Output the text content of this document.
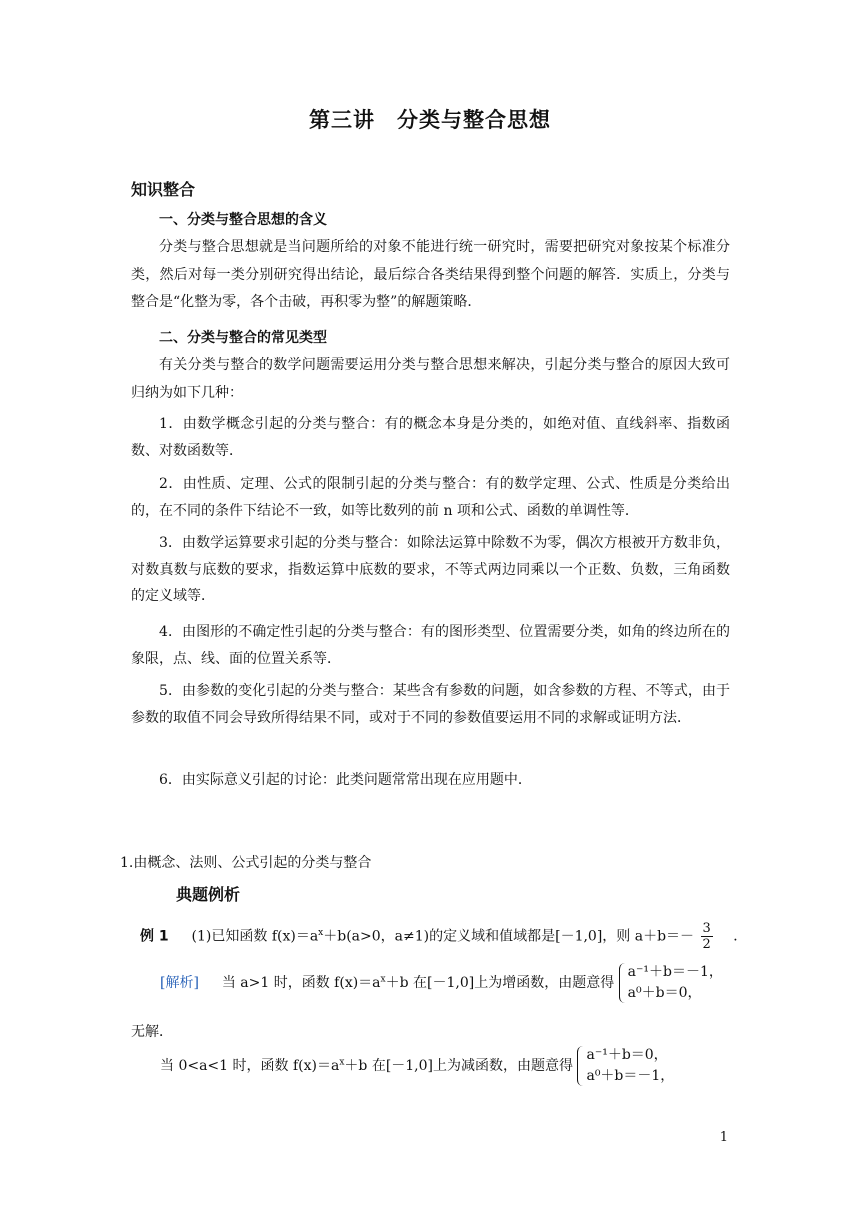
第三讲　分类与整合思想
知识整合
一、分类与整合思想的含义
分类与整合思想就是当问题所给的对象不能进行统一研究时，需要把研究对象按某个标准分类，然后对每一类分别研究得出结论，最后综合各类结果得到整个问题的解答．实质上，分类与整合是“化整为零，各个击破，再积零为整”的解题策略．
二、分类与整合的常见类型
有关分类与整合的数学问题需要运用分类与整合思想来解决，引起分类与整合的原因大致可归纳为如下几种：
1．由数学概念引起的分类与整合：有的概念本身是分类的，如绝对值、直线斜率、指数函数、对数函数等．
2．由性质、定理、公式的限制引起的分类与整合：有的数学定理、公式、性质是分类给出的，在不同的条件下结论不一致，如等比数列的前 n 项和公式、函数的单调性等．
3．由数学运算要求引起的分类与整合：如除法运算中除数不为零，偶次方根被开方数非负，对数真数与底数的要求，指数运算中底数的要求，不等式两边同乘以一个正数、负数，三角函数的定义域等．
4．由图形的不确定性引起的分类与整合：有的图形类型、位置需要分类，如角的终边所在的象限，点、线、面的位置关系等．
5．由参数的变化引起的分类与整合：某些含有参数的问题，如含参数的方程、不等式，由于参数的取值不同会导致所得结果不同，或对于不同的参数值要运用不同的求解或证明方法．
6．由实际意义引起的讨论：此类问题常常出现在应用题中．
1.由概念、法则、公式引起的分类与整合
典题例析
例 1 (1)已知函数 $f(x)=a^x+b(a>0$，a≠1)的定义域和值域都是[－1,0]，则 $a+b=- \frac{3}{2}$ ．
[解析] 当 a>1 时，函数 $f(x)=a^x+b$ 在[－1,0]上为增函数，由题意得
a⁻¹＋b＝－1，
a⁰＋b＝0，
无解．
当 0<a<1 时，函数 $f(x)=a^x+b$ 在[－1,0]上为减函数，由题意得
a⁻¹＋b＝0，
a⁰＋b＝－1，
1
